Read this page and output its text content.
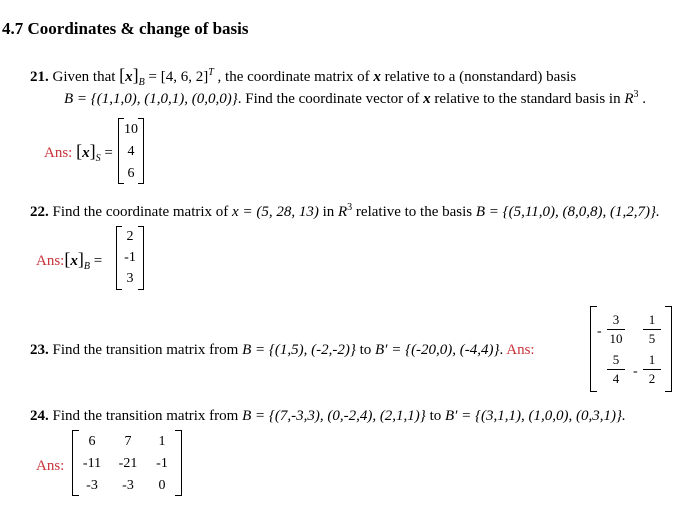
4.7 Coordinates & change of basis
21. Given that $[x]_B = [4$, 6, 2]$^T$ , the coordinate matrix of x relative to a (nonstandard) basis
B = {(1,1,0), (1,0,1), (0,0,0)}. Find the coordinate vector of x relative to the standard basis in $R^3$ .
Ans: $[x]_S$ =
10
4
6
22. Find the coordinate matrix of x = (5, 28, 13) in $R^3$ relative to the basis B = {(5,11,0), (8,0,8), (1,2,7)}.
$Ans:[x]_B$ =
2
-1
3
23. Find the transition matrix from B = {(1,5), (-2,-2)} to B′ = {(-20,0), (-4,4)}. Ans:
- $\frac{3}{10} \frac{1}{5}$
$\frac{5}{4} - \frac{1}{2}$
24. Find the transition matrix from B = {(7,-3,3), (0,-2,4), (2,1,1)} to B′ = {(3,1,1), (1,0,0), (0,3,1)}.
Ans:
6	7	1
-11	-21	-1
-3	-3	0
